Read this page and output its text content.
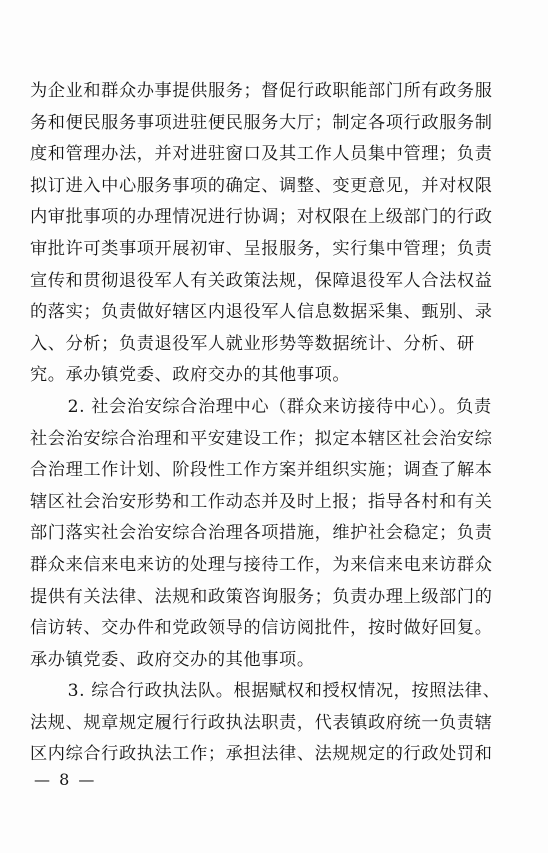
为企业和群众办事提供服务；督促行政职能部门所有政务服
务和便民服务事项进驻便民服务大厅；制定各项行政服务制
度和管理办法，并对进驻窗口及其工作人员集中管理；负责
拟订进入中心服务事项的确定、调整、变更意见，并对权限
内审批事项的办理情况进行协调；对权限在上级部门的行政
审批许可类事项开展初审、呈报服务，实行集中管理；负责
宣传和贯彻退役军人有关政策法规，保障退役军人合法权益
的落实；负责做好辖区内退役军人信息数据采集、甄别、录
入、分析；负责退役军人就业形势等数据统计、分析、研
究。承办镇党委、政府交办的其他事项。
　　2. 社会治安综合治理中心（群众来访接待中心）。负责
社会治安综合治理和平安建设工作；拟定本辖区社会治安综
合治理工作计划、阶段性工作方案并组织实施；调查了解本
辖区社会治安形势和工作动态并及时上报；指导各村和有关
部门落实社会治安综合治理各项措施，维护社会稳定；负责
群众来信来电来访的处理与接待工作，为来信来电来访群众
提供有关法律、法规和政策咨询服务；负责办理上级部门的
信访转、交办件和党政领导的信访阅批件，按时做好回复。
承办镇党委、政府交办的其他事项。
　　3. 综合行政执法队。根据赋权和授权情况，按照法律、
法规、规章规定履行行政执法职责，代表镇政府统一负责辖
区内综合行政执法工作；承担法律、法规规定的行政处罚和
— 8 —
